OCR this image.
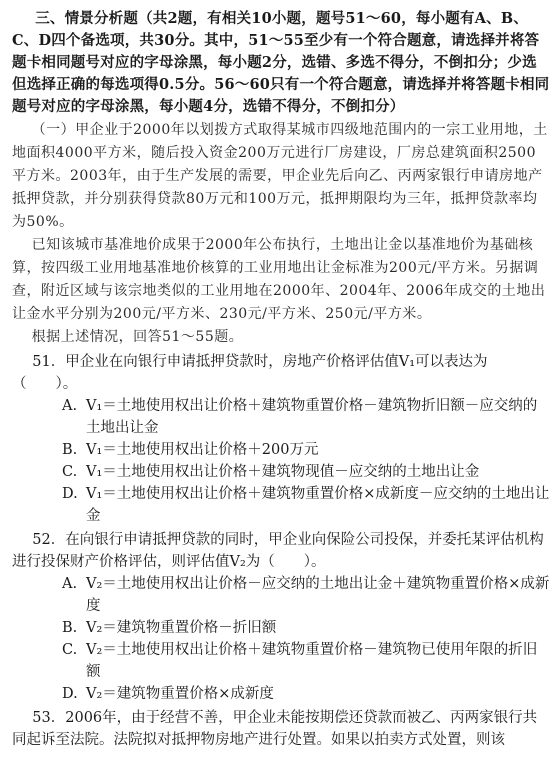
三、情景分析题（共2题，有相关10小题，题号51～60，每小题有A、B、C、D四个备选项，共30分。其中，51～55至少有一个符合题意，请选择并将答题卡相同题号对应的字母涂黑，每小题2分，选错、多选不得分，不倒扣分；少选但选择正确的每选项得0.5分。56～60只有一个符合题意，请选择并将答题卡相同题号对应的字母涂黑，每小题4分，选错不得分，不倒扣分）

（一）甲企业于2000年以划拨方式取得某城市四级地范围内的一宗工业用地，土地面积4000平方米，随后投入资金200万元进行厂房建设，厂房总建筑面积2500平方米。2003年，由于生产发展的需要，甲企业先后向乙、丙两家银行申请房地产抵押贷款，并分别获得贷款80万元和100万元，抵押期限均为三年，抵押贷款率均为50%。

已知该城市基准地价成果于2000年公布执行，土地出让金以基准地价为基础核算，按四级工业用地基准地价核算的工业用地出让金标准为200元/平方米。另据调查，附近区域与该宗地类似的工业用地在2000年、2004年、2006年成交的土地出让金水平分别为200元/平方米、230元/平方米、250元/平方米。

根据上述情况，回答51～55题。

51．甲企业在向银行申请抵押贷款时，房地产价格评估值V₁可以表达为（　　）。

A. V₁＝土地使用权出让价格＋建筑物重置价格－建筑物折旧额－应交纳的土地出让金
B. V₁＝土地使用权出让价格＋200万元
C. V₁＝土地使用权出让价格＋建筑物现值－应交纳的土地出让金
D. V₁＝土地使用权出让价格＋建筑物重置价格×成新度－应交纳的土地出让金

52．在向银行申请抵押贷款的同时，甲企业向保险公司投保，并委托某评估机构进行投保财产价格评估，则评估值V₂为（　　）。

A. V₂＝土地使用权出让价格－应交纳的土地出让金＋建筑物重置价格×成新度
B. V₂＝建筑物重置价格－折旧额
C. V₂＝土地使用权出让价格＋建筑物重置价格－建筑物已使用年限的折旧额
D. V₂＝建筑物重置价格×成新度

53．2006年，由于经营不善，甲企业未能按期偿还贷款而被乙、丙两家银行共同起诉至法院。法院拟对抵押物房地产进行处置。如果以拍卖方式处置，则该
